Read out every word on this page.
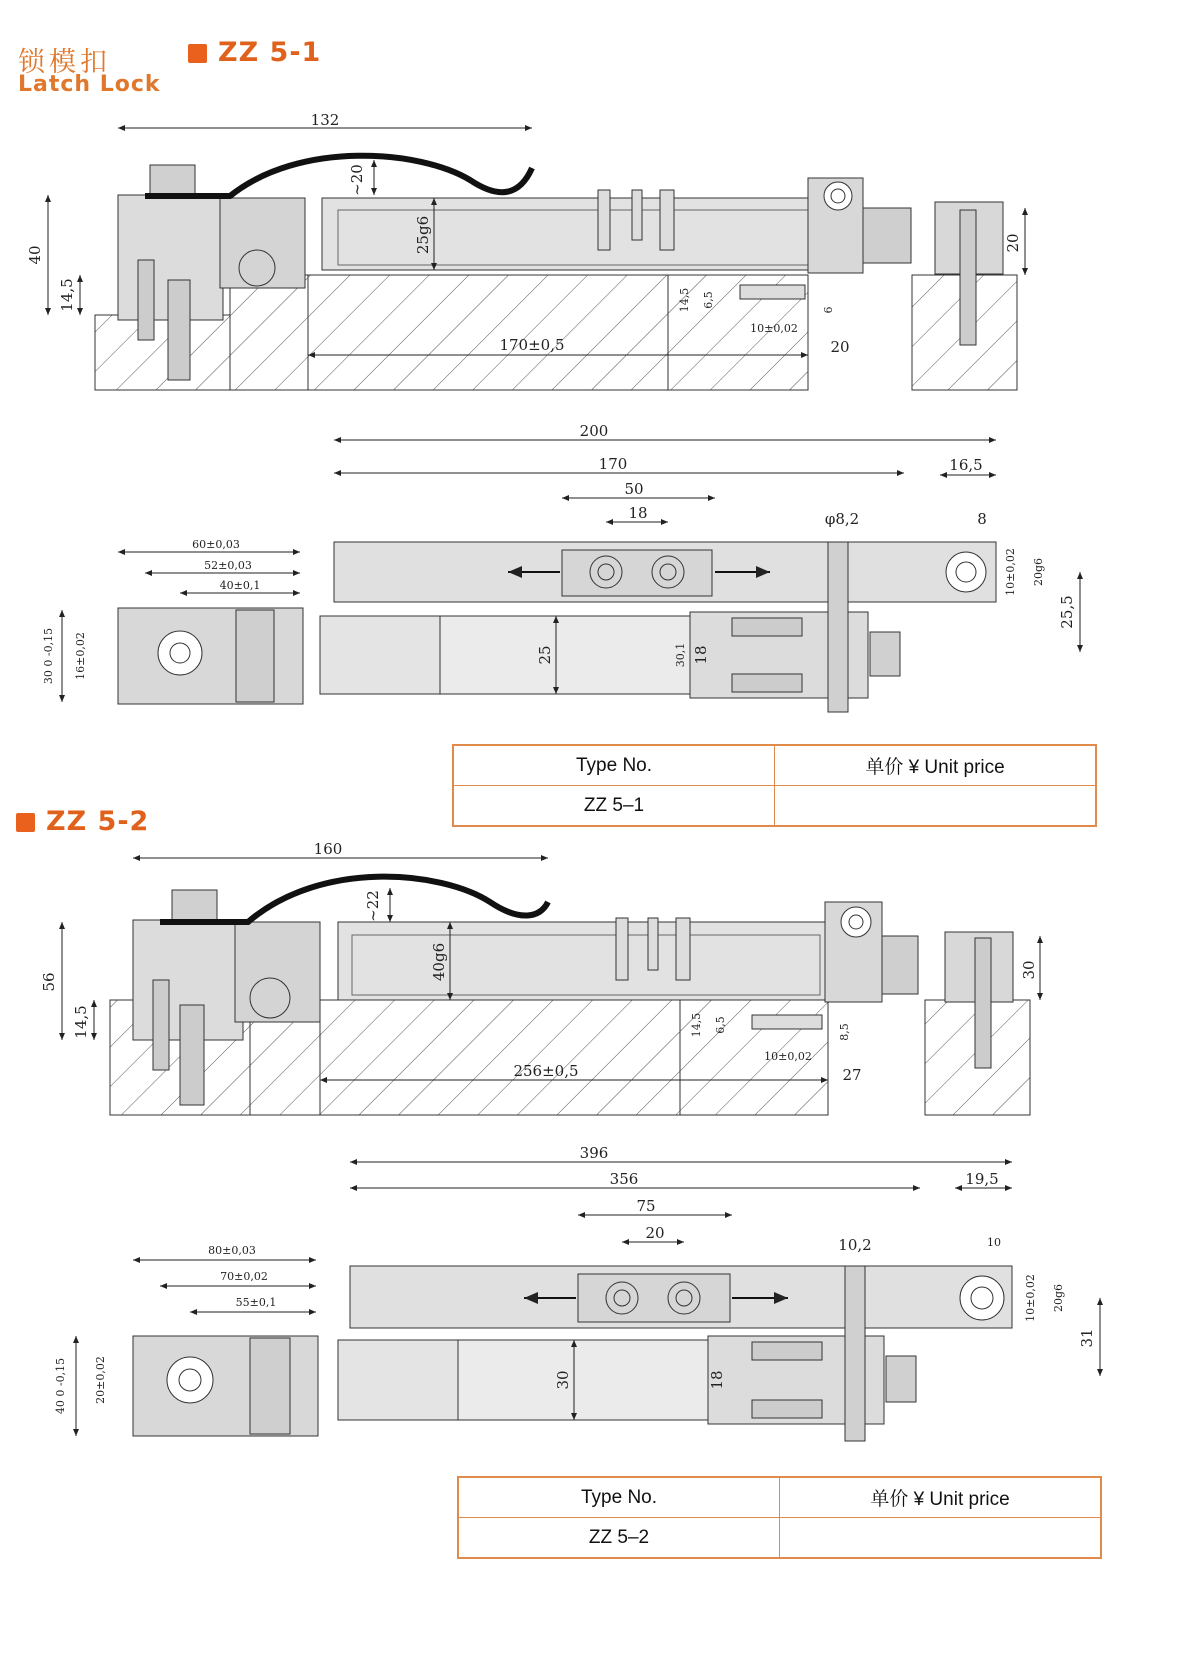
锁模扣
Latch Lock
ZZ 5-1
132
~20
25g6
40
14,5
170±0,5
14,5 6,5
10±0,02
6
20
20
200
170
50
18	φ8,2
16,5
8
60±0,03
52±0,03
40±0,1
30 0 -0,15 16±0,02	25	30,1 18
10±0,02 20g6
25,5
Type No.	单价 ¥ Unit price
ZZ 5–1	
ZZ 5-2
160
~22
40g6
56
14,5
256±0,5
14,5 6,5
10±0,02
8,5
27
30
396
356
75
20
10,2
19,5
10
80±0,03
70±0,02
55±0,1
40 0 -0,15 20±0,02	30	18
10±0,02 20g6
31
Type No.	单价 ¥ Unit price
ZZ 5–2	
